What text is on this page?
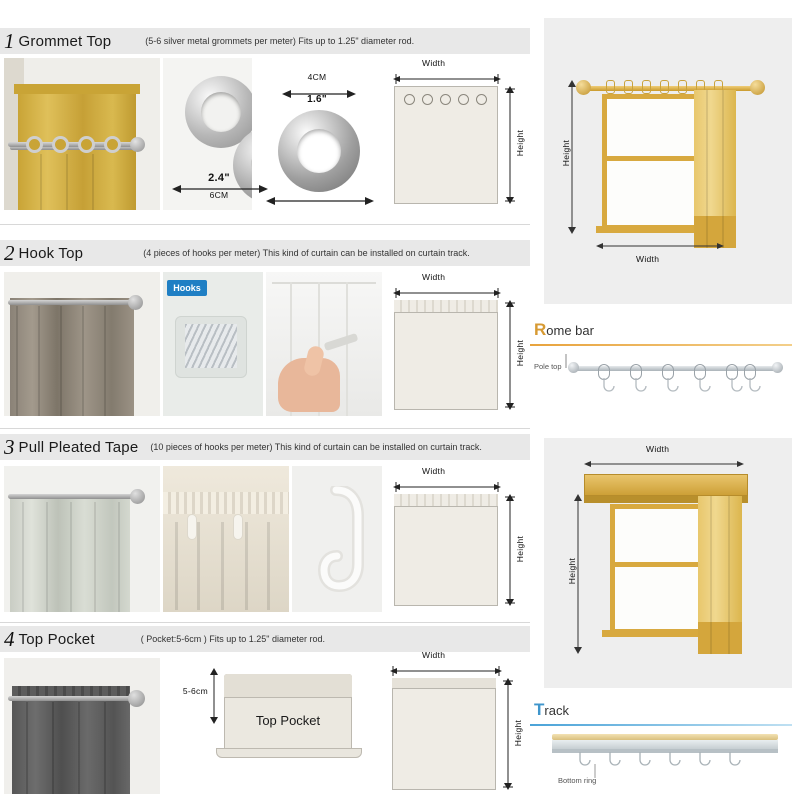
1 Grommet Top	(5-6 silver metal grommets per meter) Fits up to 1.25" diameter rod.
4CM
1.6"
2.4"
6CM
Width
Height
2 Hook Top	(4 pieces of hooks per meter) This kind of curtain can be installed on curtain track.
Hooks
Width
Height
3 Pull Pleated Tape (10 pieces of hooks per meter) This kind of curtain can be installed on curtain track.
Width
Height
4 Top Pocket	( Pocket:5-6cm ) Fits up to 1.25" diameter rod.
5-6cm
Top Pocket
Width
Height
Height
Width
Rome bar
Pole top
Width
Height
Track
Bottom ring
